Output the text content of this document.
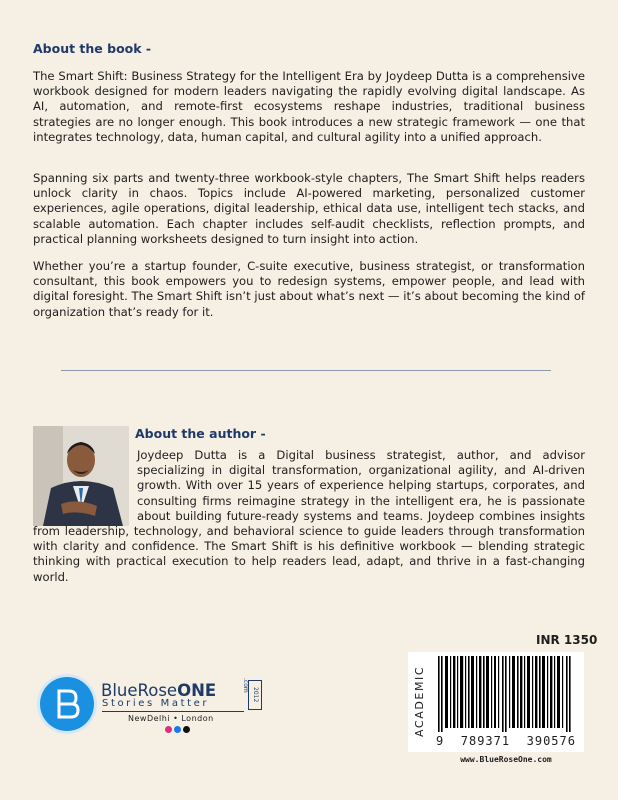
About the book -

The Smart Shift: Business Strategy for the Intelligent Era by Joydeep Dutta is a comprehensive workbook designed for modern leaders navigating the rapidly evolving digital landscape. As AI, automation, and remote-first ecosystems reshape industries, traditional business strategies are no longer enough. This book introduces a new strategic framework — one that integrates technology, data, human capital, and cultural agility into a unified approach.

Spanning six parts and twenty-three workbook-style chapters, The Smart Shift helps readers unlock clarity in chaos. Topics include AI-powered marketing, personalized customer experiences, agile operations, digital leadership, ethical data use, intelligent tech stacks, and scalable automation. Each chapter includes self-audit checklists, reflection prompts, and practical planning worksheets designed to turn insight into action.

Whether you’re a startup founder, C-suite executive, business strategist, or transformation consultant, this book empowers you to redesign systems, empower people, and lead with digital foresight. The Smart Shift isn’t just about what’s next — it’s about becoming the kind of organization that’s ready for it.

About the author -

Joydeep Dutta is a Digital business strategist, author, and advisor specializing in digital transformation, organizational agility, and AI-driven growth. With over 15 years of experience helping startups, corporates, and consulting firms reimagine strategy in the intelligent era, he is passionate about building future-ready systems and teams. Joydeep combines insights from leadership, technology, and behavioral science to guide leaders through transformation with clarity and confidence. The Smart Shift is his definitive workbook — blending strategic thinking with practical execution to help readers lead, adapt, and thrive in a fast-changing world.

INR 1350
ACADEMIC
9 789371 390576
www.BlueRoseOne.com
BlueRoseONE	.com
2012
Stories Matter
NewDelhi • London
